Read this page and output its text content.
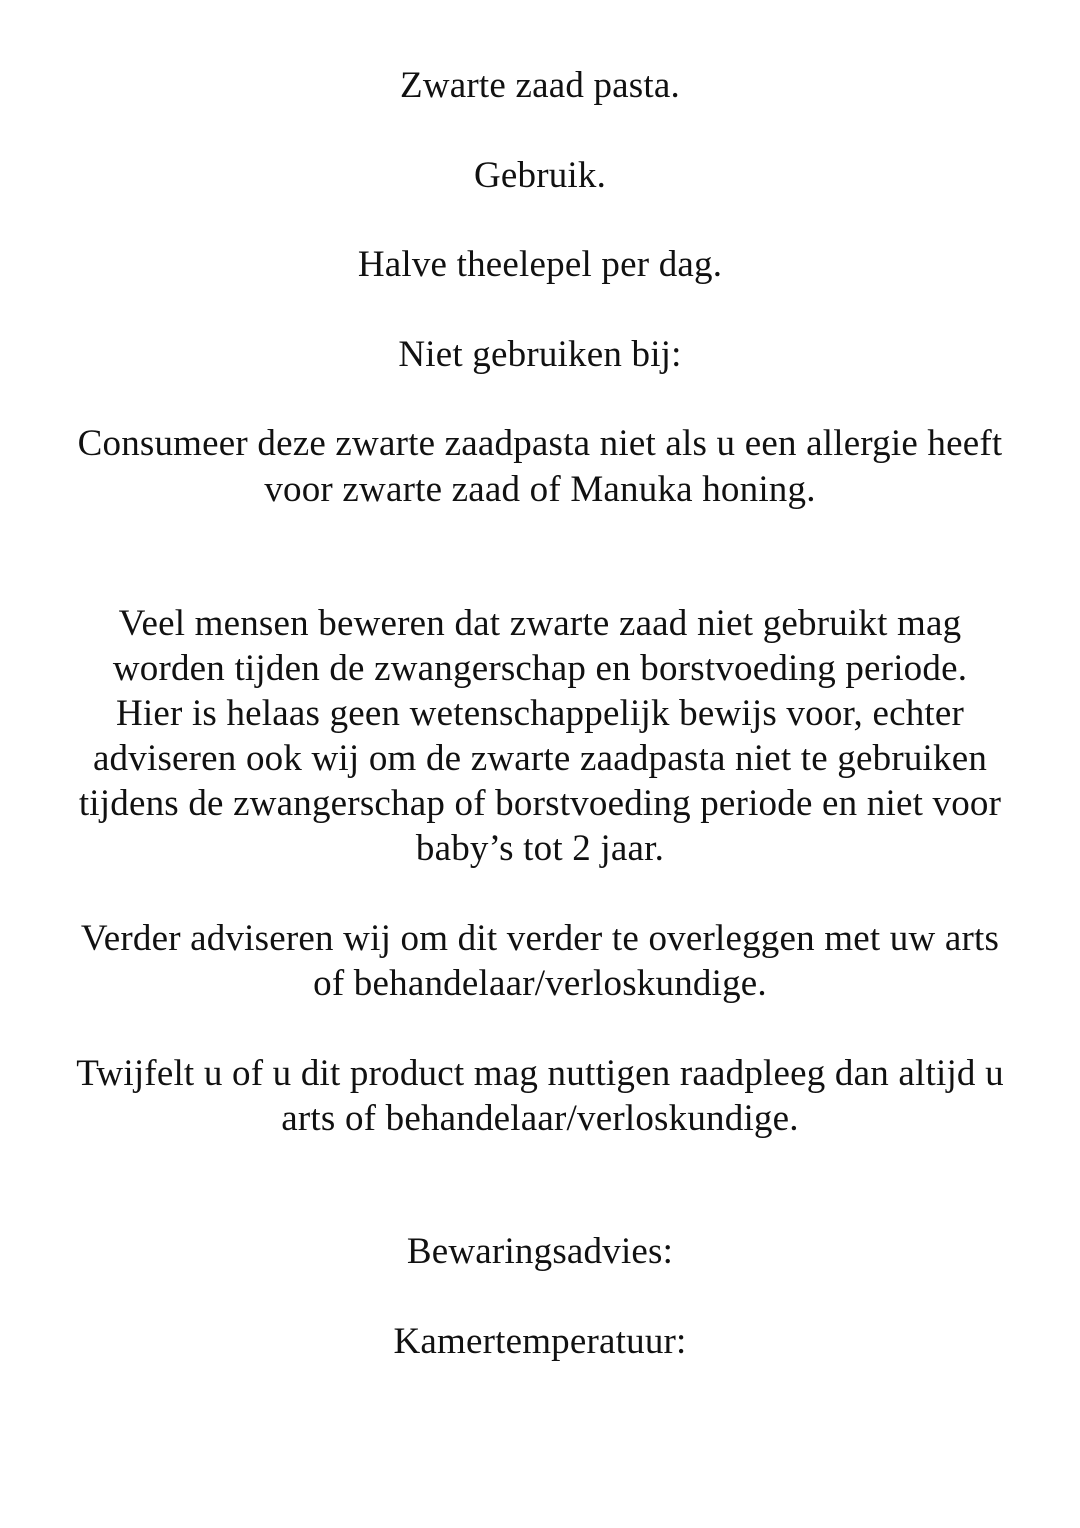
Zwarte zaad pasta.

Gebruik.

Halve theelepel per dag.

Niet gebruiken bij:

Consumeer deze zwarte zaadpasta niet als u een allergie heeft

voor zwarte zaad of Manuka honing.

Veel mensen beweren dat zwarte zaad niet gebruikt mag

worden tijden de zwangerschap en borstvoeding periode.

Hier is helaas geen wetenschappelijk bewijs voor, echter

adviseren ook wij om de zwarte zaadpasta niet te gebruiken

tijdens de zwangerschap of borstvoeding periode en niet voor

baby’s tot 2 jaar.

Verder adviseren wij om dit verder te overleggen met uw arts

of behandelaar/verloskundige.

Twijfelt u of u dit product mag nuttigen raadpleeg dan altijd u

arts of behandelaar/verloskundige.

Bewaringsadvies:

Kamertemperatuur:
